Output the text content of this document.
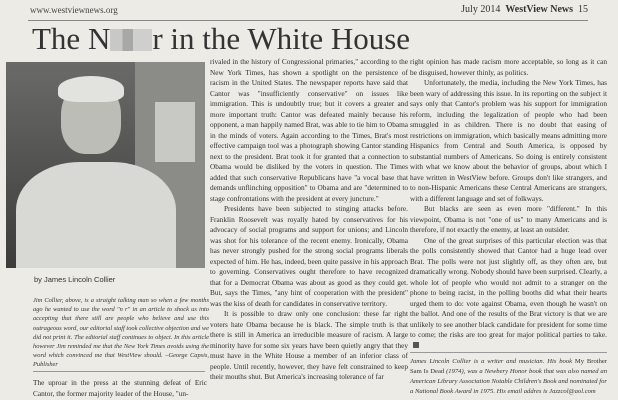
www.westviewnews.org	July 2014 WestView News 15
The N r in the White House
by James Lincoln Collier
Jim Collier, above, is a straight talking man so when a few months ago he wanted to use the word "n r" in an article to shock us into accepting that there still are people who believe and use this outrageous word, our editorial staff took collective objection and we did not print it. The editorial staff continues to object. In this article however Jim reminded me that the New York Times avoids using the word which convinced me that WestView should. –George Capsis, Publisher

The uproar in the press at the stunning defeat of Eric Cantor, the former majority leader of the House, "un-

rivaled in the history of Congressional primaries," according to the New York Times, has shown a spotlight on the persistence of racism in the United States. The newspaper reports have said that Cantor was "insufficiently conservative" on issues like immigration. This is undoubtly true; but it covers a greater and more important truth: Cantor was defeated mainly because his opponent, a man happily named Brat, was able to tie him to Obama in the minds of voters. Again according to the Times, Brat's most effective campaign tool was a photograph showing Cantor standing next to the president. Brat took it for granted that a connection to Obama would be disliked by the voters in question. The Times added that such conservative Republicans have "a vocal base that demands unflinching opposition" to Obama and are "determined to stage confrontations with the president at every juncture."

Presidents have been subjected to stinging attacks before. Franklin Roosevelt was royally hated by conservatives for his advocacy of social programs and support for unions; and Lincoln was shot for his tolerance of the recent enemy. Ironically, Obama has never strongly pushed for the strong social programs liberals expected of him. He has, indeed, been quite passive in his approach to governing. Conservatives ought therefore to have recognized that for a Democrat Obama was about as good as they could get. But, says the Times, "any hint of cooperation with the president" was the kiss of death for candidates in conservative territory.

It is possible to draw only one conclusion: these far right voters hate Obama because he is black. The simple truth is that there is still in America an irreducible measure of racism. A large minority have for some six years have been quietly angry that they must have in the White House a member of an inferior class of people. Until recently, however, they have felt constrained to keep their mouths shut. But America's increasing tolerance of far

right opinion has made racism more acceptable, so long as it can be disguised, however thinly, as politics.

Unfortunately, the media, including the New York Times, has been wary of addressing this issue. In its reporting on the subject it says only that Cantor's problem was his support for immigration reform, including the legalization of people who had been smuggled in as children. There is no doubt that easing of restrictions on immigration, which basically means admitting more Hispanics from Central and South America, is opposed by substantial numbers of Americans. So doing is entirely consistent with what we know about the behavior of groups, about which I have written in WestView before. Groups don't like strangers, and to non-Hispanic Americans these Central Americans are strangers, with a different language and set of folkways.

But blacks are seen as even more "different." In this viewpoint, Obama is not "one of us" to many Americans and is therefore, if not exactly the enemy, at least an outsider.

One of the great surprises of this particular election was that the polls consistently showed that Cantor had a huge lead over Brat. The polls were not just slightly off, as they often are, but dramatically wrong. Nobody should have been surprised. Clearly, a whole lot of people who would not admit to a stranger on the phone to being racist, in the polling booths did what their hearts urged them to do: vote against Obama, even though he wasn't on the ballot. And one of the results of the Brat victory is that we are unlikely to see another black candidate for president for some time to come; the risks are too great for major political parties to take.

James Lincoln Collier is a writer and musician. His book My Brother Sam Is Dead (1974), was a Newbery Honor book that was also named an American Library Association Notable Children's Book and nominated for a National Book Award in 1975. His email addres is Jazzcol@aol.com
